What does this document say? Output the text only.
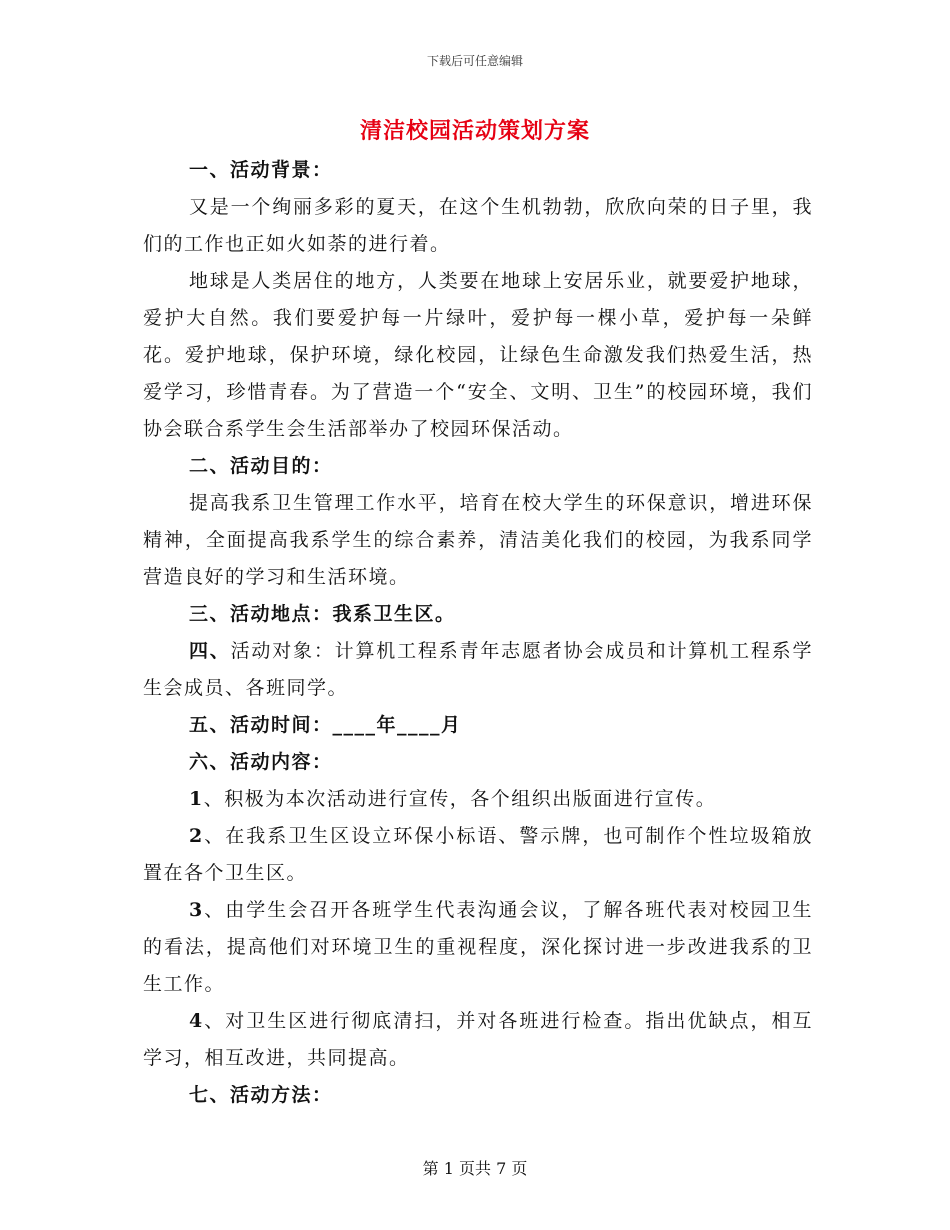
下载后可任意编辑
清洁校园活动策划方案

一、活动背景：

又是一个绚丽多彩的夏天，在这个生机勃勃，欣欣向荣的日子里，我们的工作也正如火如荼的进行着。

地球是人类居住的地方，人类要在地球上安居乐业，就要爱护地球，爱护大自然。我们要爱护每一片绿叶，爱护每一棵小草，爱护每一朵鲜花。爱护地球，保护环境，绿化校园，让绿色生命激发我们热爱生活，热爱学习，珍惜青春。为了营造一个“安全、文明、卫生”的校园环境，我们协会联合系学生会生活部举办了校园环保活动。

二、活动目的：

提高我系卫生管理工作水平，培育在校大学生的环保意识，增进环保精神，全面提高我系学生的综合素养，清洁美化我们的校园，为我系同学营造良好的学习和生活环境。

三、活动地点：我系卫生区。

四、活动对象：计算机工程系青年志愿者协会成员和计算机工程系学生会成员、各班同学。

五、活动时间：____年____月

六、活动内容：

1、积极为本次活动进行宣传，各个组织出版面进行宣传。

2、在我系卫生区设立环保小标语、警示牌，也可制作个性垃圾箱放置在各个卫生区。

3、由学生会召开各班学生代表沟通会议，了解各班代表对校园卫生的看法，提高他们对环境卫生的重视程度，深化探讨进一步改进我系的卫生工作。

4、对卫生区进行彻底清扫，并对各班进行检查。指出优缺点，相互学习，相互改进，共同提高。

七、活动方法：

第 1 页共 7 页
